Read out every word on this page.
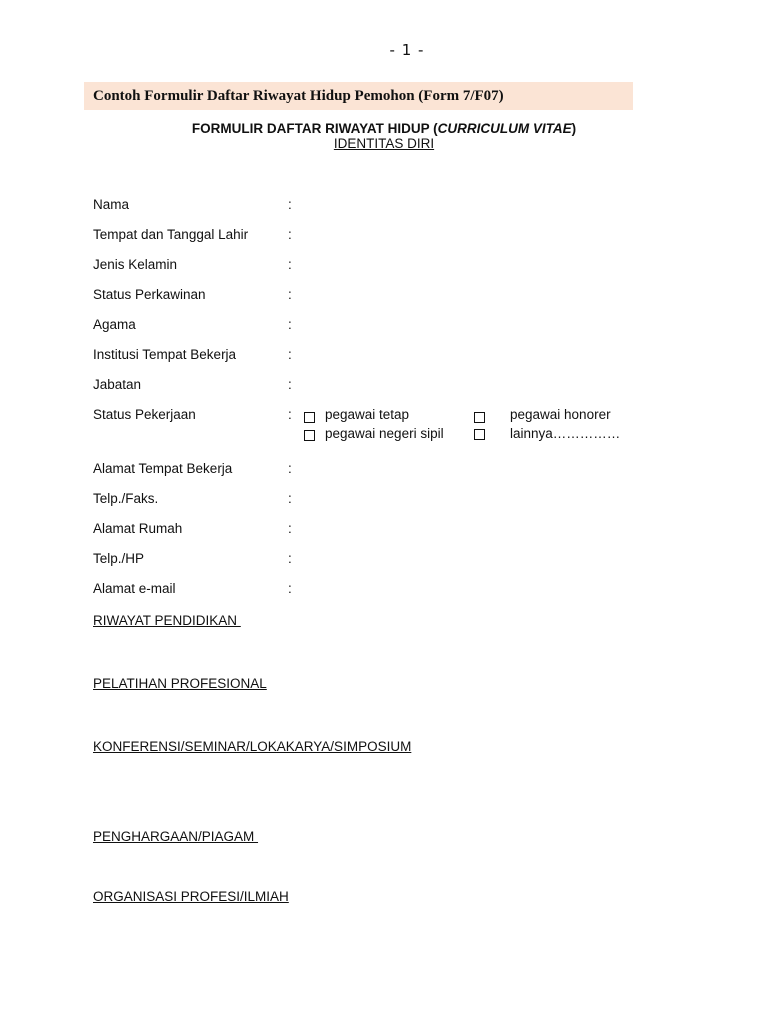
- 1 -
Contoh Formulir Daftar Riwayat Hidup Pemohon (Form 7/F07)
FORMULIR DAFTAR RIWAYAT HIDUP (CURRICULUM VITAE)
IDENTITAS DIRI
Nama	:
Tempat dan Tanggal Lahir	:
Jenis Kelamin	:
Status Perkawinan	:
Agama	:
Institusi Tempat Bekerja	:
Jabatan	:
Status Pekerjaan	: pegawai tetap	pegawai honorer
pegawai negeri sipil	lainnya……………
Alamat Tempat Bekerja	:
Telp./Faks.	:
Alamat Rumah	:
Telp./HP	:
Alamat e-mail	:
RIWAYAT PENDIDIKAN
PELATIHAN PROFESIONAL
KONFERENSI/SEMINAR/LOKAKARYA/SIMPOSIUM
PENGHARGAAN/PIAGAM
ORGANISASI PROFESI/ILMIAH
